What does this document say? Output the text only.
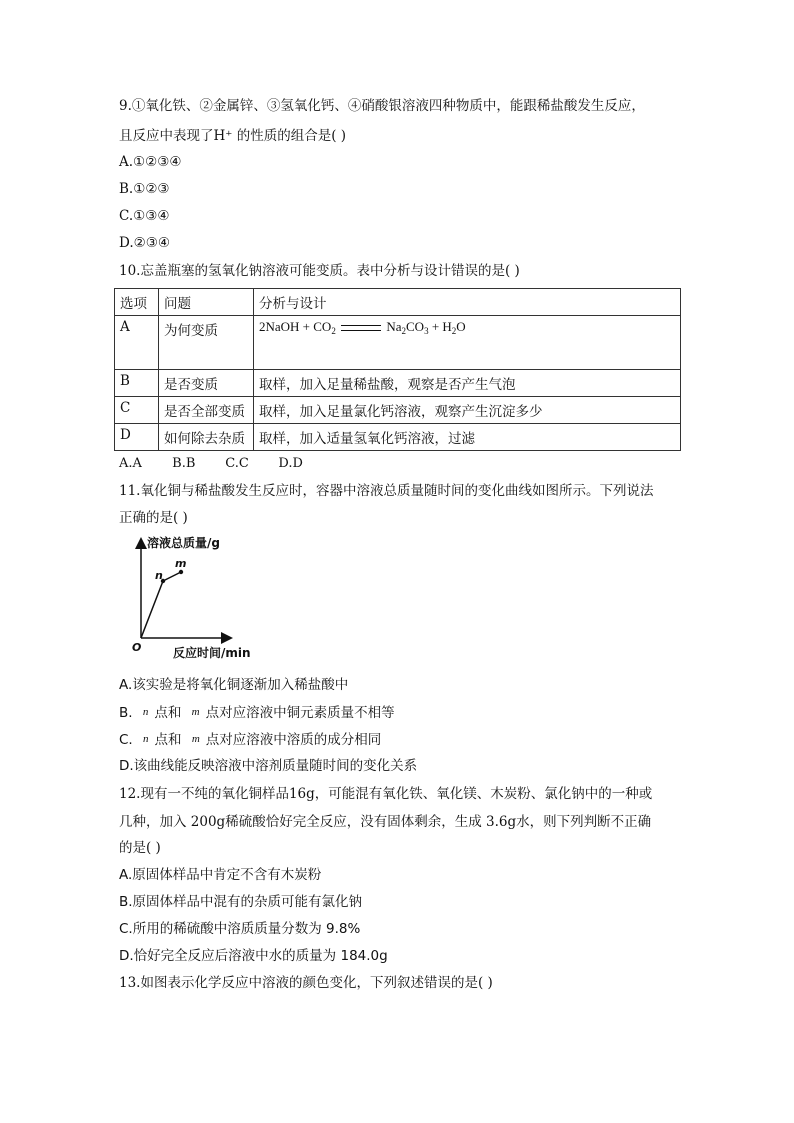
9.①氧化铁、②金属锌、③氢氧化钙、④硝酸银溶液四种物质中，能跟稀盐酸发生反应，
且反应中表现了H⁺ 的性质的组合是( )
A.①②③④
B.①②③
C.①③④
D.②③④
10.忘盖瓶塞的氢氧化钠溶液可能变质。表中分析与设计错误的是( )
选项	问题	分析与设计
A	为何变质	2NaOH + $CO_2$ $Na_2CO_3 + H_2O$
B	是否变质	取样，加入足量稀盐酸，观察是否产生气泡
C	是否全部变质	取样，加入足量氯化钙溶液，观察产生沉淀多少
D	如何除去杂质	取样，加入适量氢氧化钙溶液，过滤
A.A B.B C.C D.D
11.氧化铜与稀盐酸发生反应时，容器中溶液总质量随时间的变化曲线如图所示。下列说法
正确的是( )
溶液总质量/g
反应时间/min
O
n
m
A.该实验是将氧化铜逐渐加入稀盐酸中
B. n 点和 m 点对应溶液中铜元素质量不相等
C. n 点和 m 点对应溶液中溶质的成分相同
D.该曲线能反映溶液中溶剂质量随时间的变化关系
12.现有一不纯的氧化铜样品16g，可能混有氧化铁、氧化镁、木炭粉、氯化钠中的一种或
几种，加入 200g稀硫酸恰好完全反应，没有固体剩余，生成 3.6g水，则下列判断不正确
的是( )
A.原固体样品中肯定不含有木炭粉
B.原固体样品中混有的杂质可能有氯化钠
C.所用的稀硫酸中溶质质量分数为 9.8%
D.恰好完全反应后溶液中水的质量为 184.0g
13.如图表示化学反应中溶液的颜色变化，下列叙述错误的是( )
